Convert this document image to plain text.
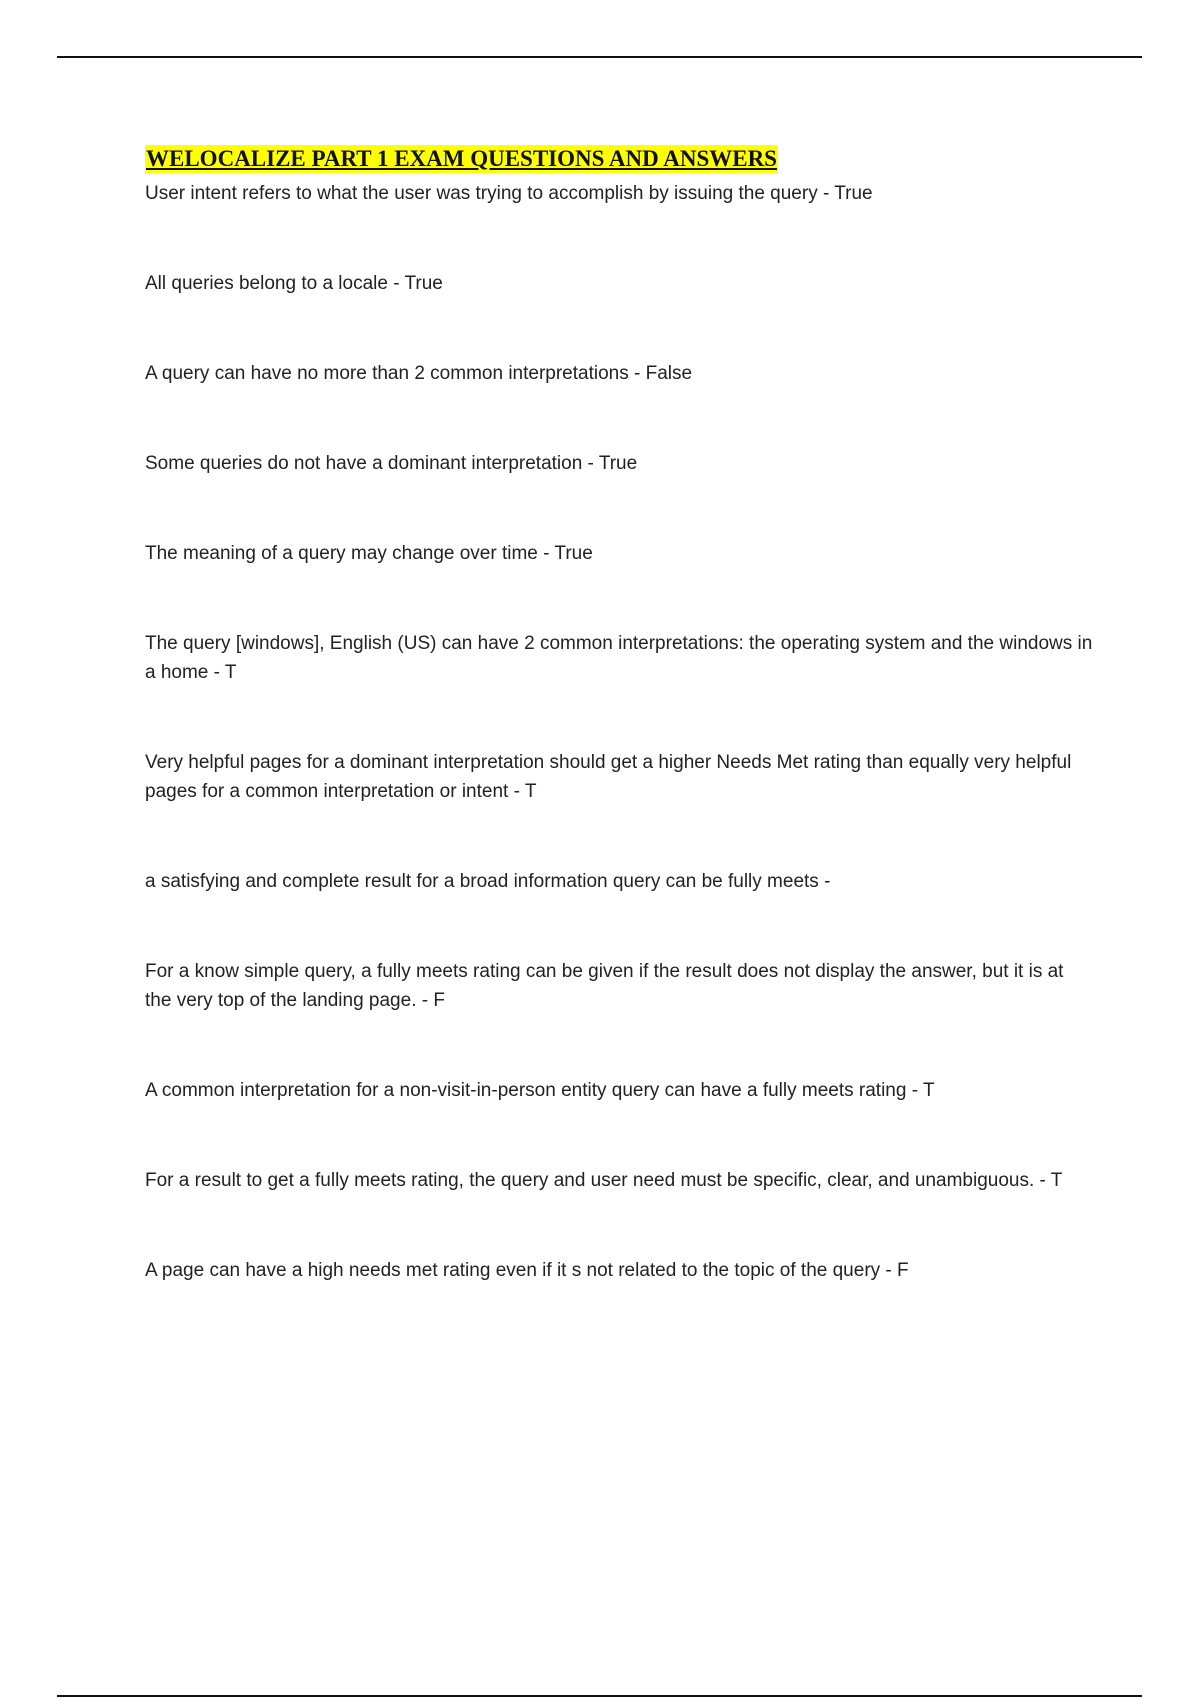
WELOCALIZE PART 1 EXAM QUESTIONS AND ANSWERS
User intent refers to what the user was trying to accomplish by issuing the query - True
All queries belong to a locale - True
A query can have no more than 2 common interpretations - False
Some queries do not have a dominant interpretation - True
The meaning of a query may change over time - True
The query [windows], English (US) can have 2 common interpretations: the operating system and the windows in a home - T
Very helpful pages for a dominant interpretation should get a higher Needs Met rating than equally very helpful pages for a common interpretation or intent - T
a satisfying and complete result for a broad information query can be fully meets -
For a know simple query, a fully meets rating can be given if the result does not display the answer, but it is at the very top of the landing page. - F
A common interpretation for a non-visit-in-person entity query can have a fully meets rating - T
For a result to get a fully meets rating, the query and user need must be specific, clear, and unambiguous. - T
A page can have a high needs met rating even if it s not related to the topic of the query - F
